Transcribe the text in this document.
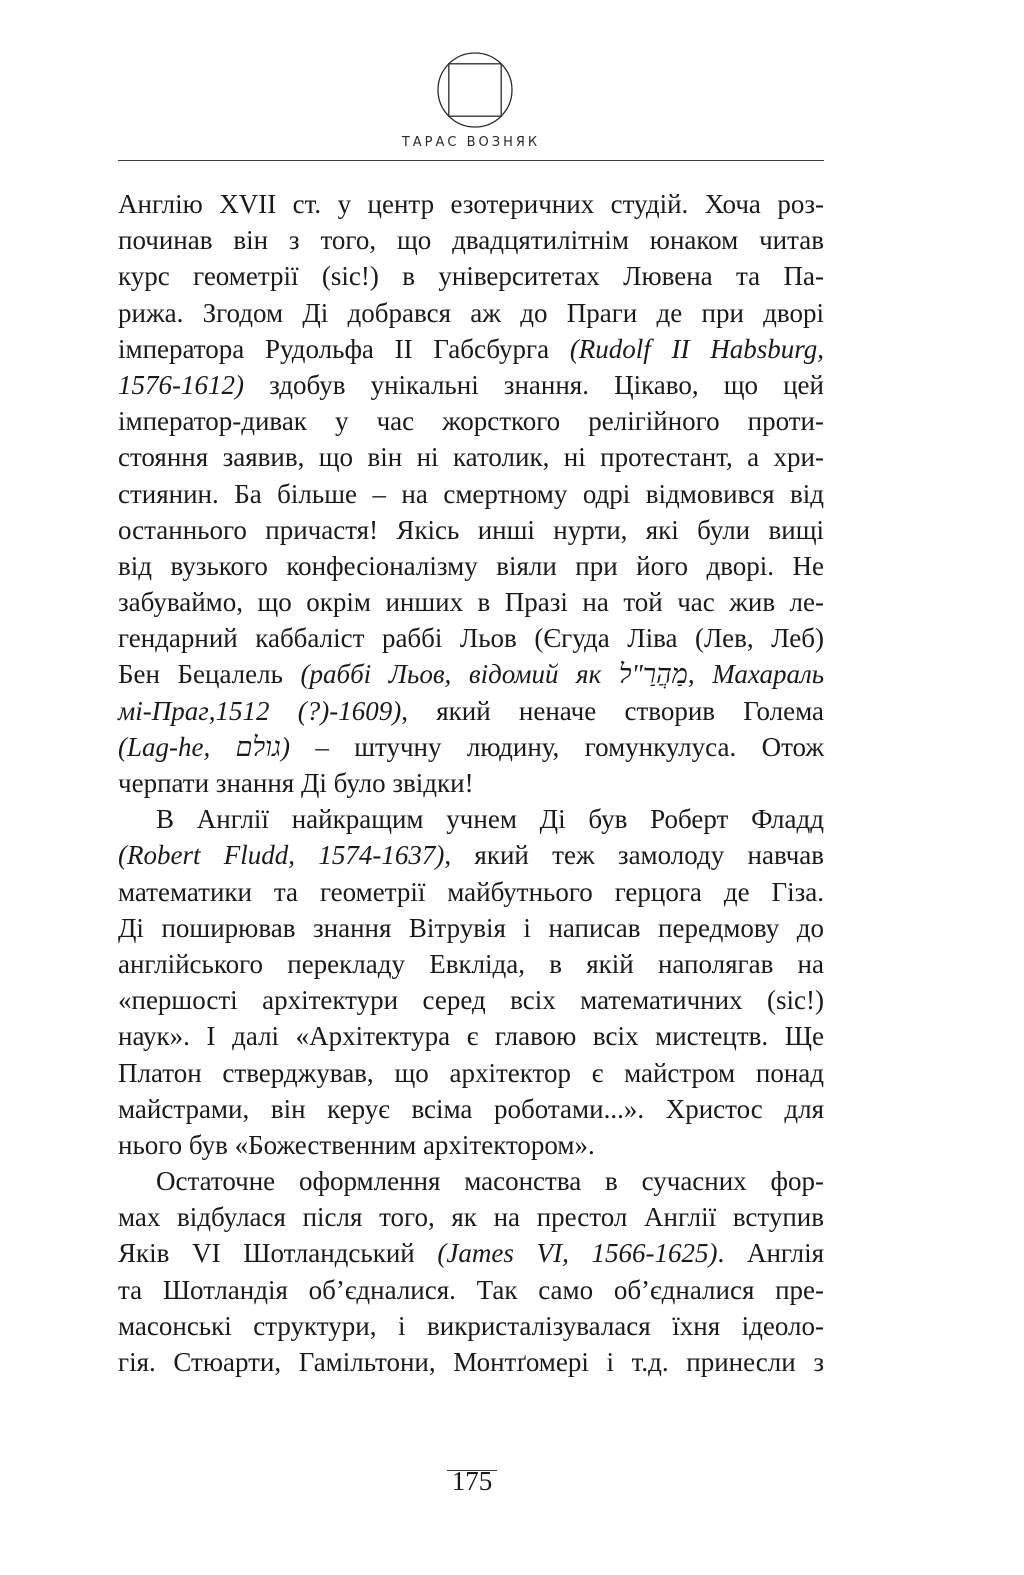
ТАРАС ВОЗНЯК
Англію XVII ст. у центр езотеричних студій. Хоча роз-
починав він з того, що двадцятилітнім юнаком читав
курс геометрії (sic!) в університетах Лювена та Па-
рижа. Згодом Ді добрався аж до Праги де при дворі
імператора Рудольфа II Габсбурга (Rudolf II Habsburg,
1576-1612) здобув унікальні знання. Цікаво, що цей
імператор-дивак у час жорсткого релігійного проти-
стояння заявив, що він ні католик, ні протестант, а хри-
стиянин. Ба більше – на смертному одрі відмовився від
останнього причастя! Якісь инші нурти, які були вищі
від вузького конфесіоналізму віяли при його дворі. Не
забуваймо, що окрім инших в Празі на той час жив ле-
гендарний каббаліст раббі Льов (Єгуда Ліва (Лев, Леб)
Бен Бецалель (раббі Льов, відомий як מַהֲרַ"ל, Махараль
мі-Праг,1512 (?)-1609), який неначе створив Голема
(Lag-he, גולם) – штучну людину, гомункулуса. Отож
черпати знання Ді було звідки!
В Англії найкращим учнем Ді був Роберт Фладд
(Robert Fludd, 1574-1637), який теж замолоду навчав
математики та геометрії майбутнього герцога де Гіза.
Ді поширював знання Вітрувія і написав передмову до
англійського перекладу Евкліда, в якій наполягав на
«першості архітектури серед всіх математичних (sic!)
наук». І далі «Архітектура є главою всіх мистецтв. Ще
Платон стверджував, що архітектор є майстром понад
майстрами, він керує всіма роботами...». Христос для
нього був «Божественним архітектором».
Остаточне оформлення масонства в сучасних фор-
мах відбулася після того, як на престол Англії вступив
Яків VI Шотландський (James VI, 1566-1625). Англія
та Шотландія об’єдналися. Так само об’єдналися пре-
масонські структури, і викристалізувалася їхня ідеоло-
гія. Стюарти, Гамільтони, Монтґомері і т.д. принесли з
175
